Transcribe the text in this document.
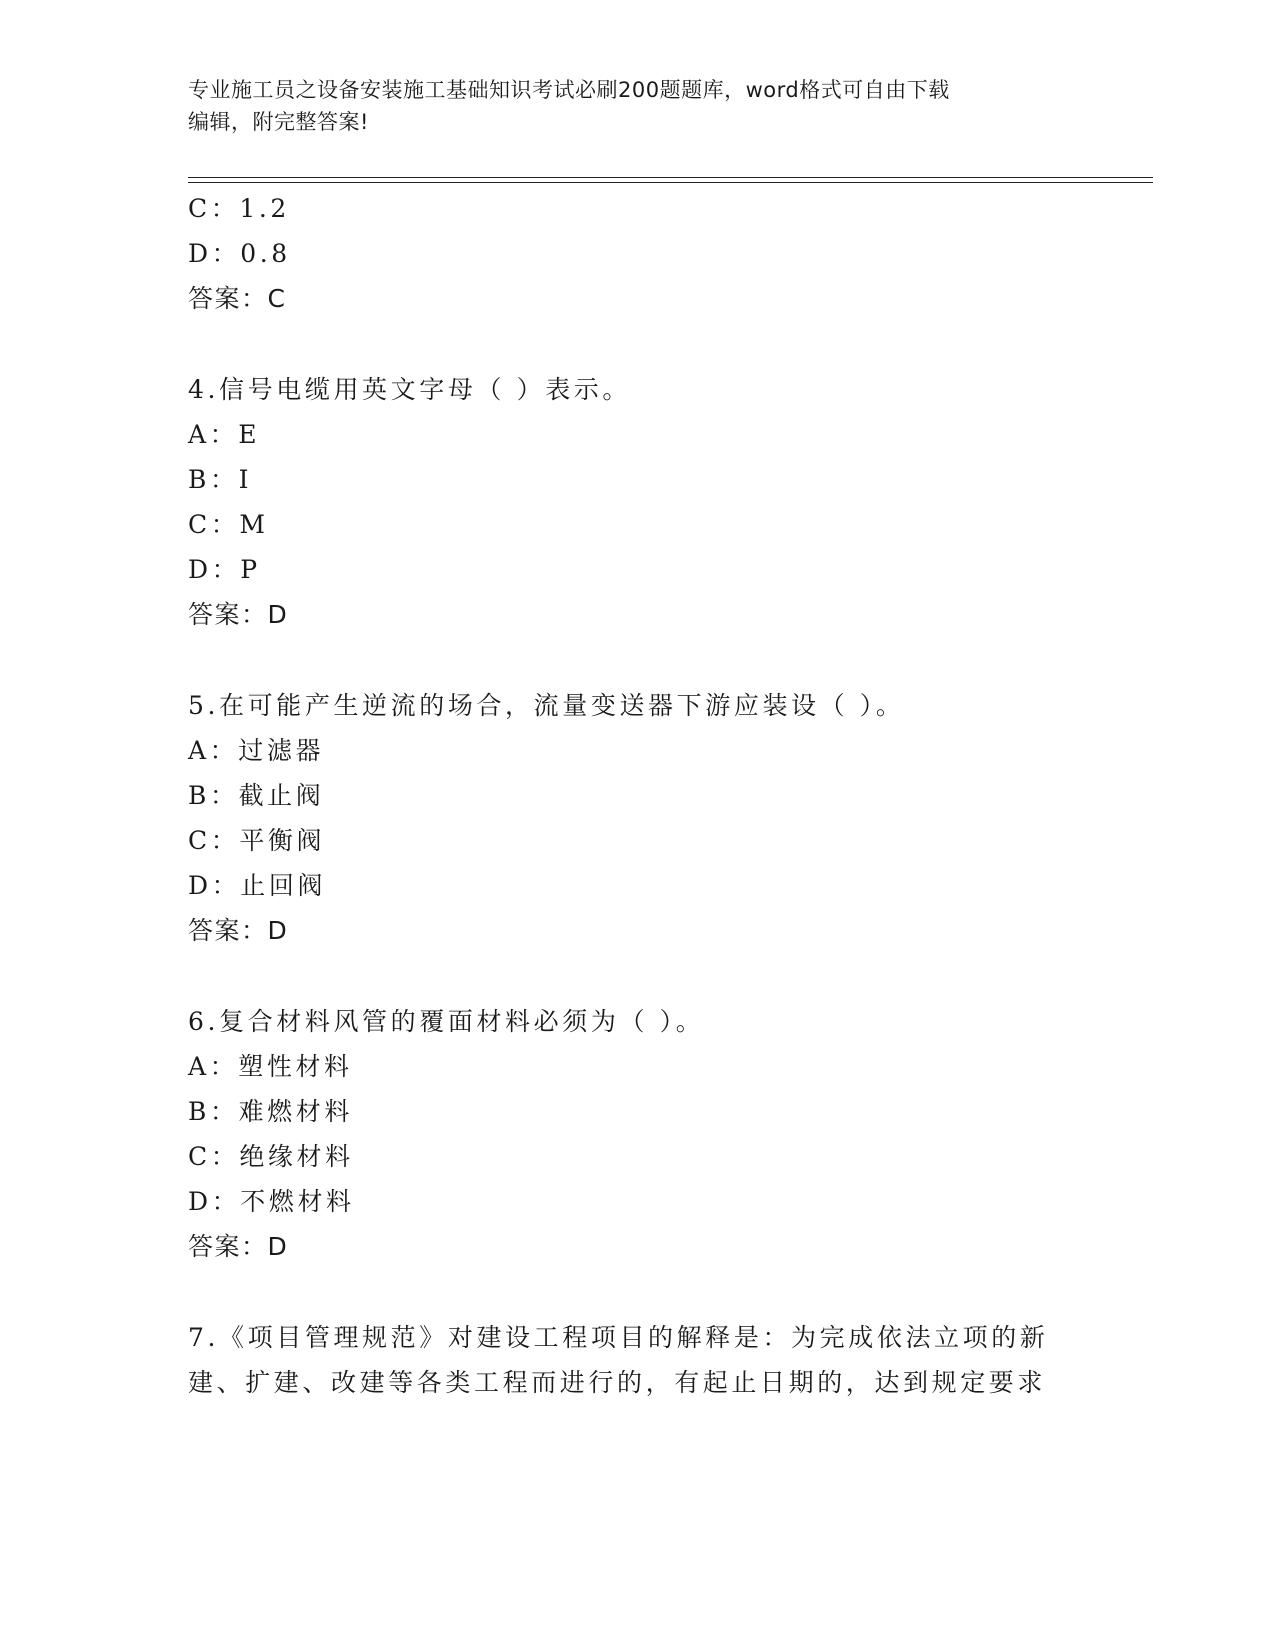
专业施工员之设备安装施工基础知识考试必刷200题题库，word格式可自由下载
编辑，附完整答案!

C：1.2

D：0.8

答案：C

4.信号电缆用英文字母（ ）表示。

A：E

B：I

C：M

D：P

答案：D

5.在可能产生逆流的场合，流量变送器下游应装设（ ）。

A：过滤器

B：截止阀

C：平衡阀

D：止回阀

答案：D

6.复合材料风管的覆面材料必须为（ ）。

A：塑性材料

B：难燃材料

C：绝缘材料

D：不燃材料

答案：D

7.《项目管理规范》对建设工程项目的解释是：为完成依法立项的新

建、扩建、改建等各类工程而进行的，有起止日期的，达到规定要求
